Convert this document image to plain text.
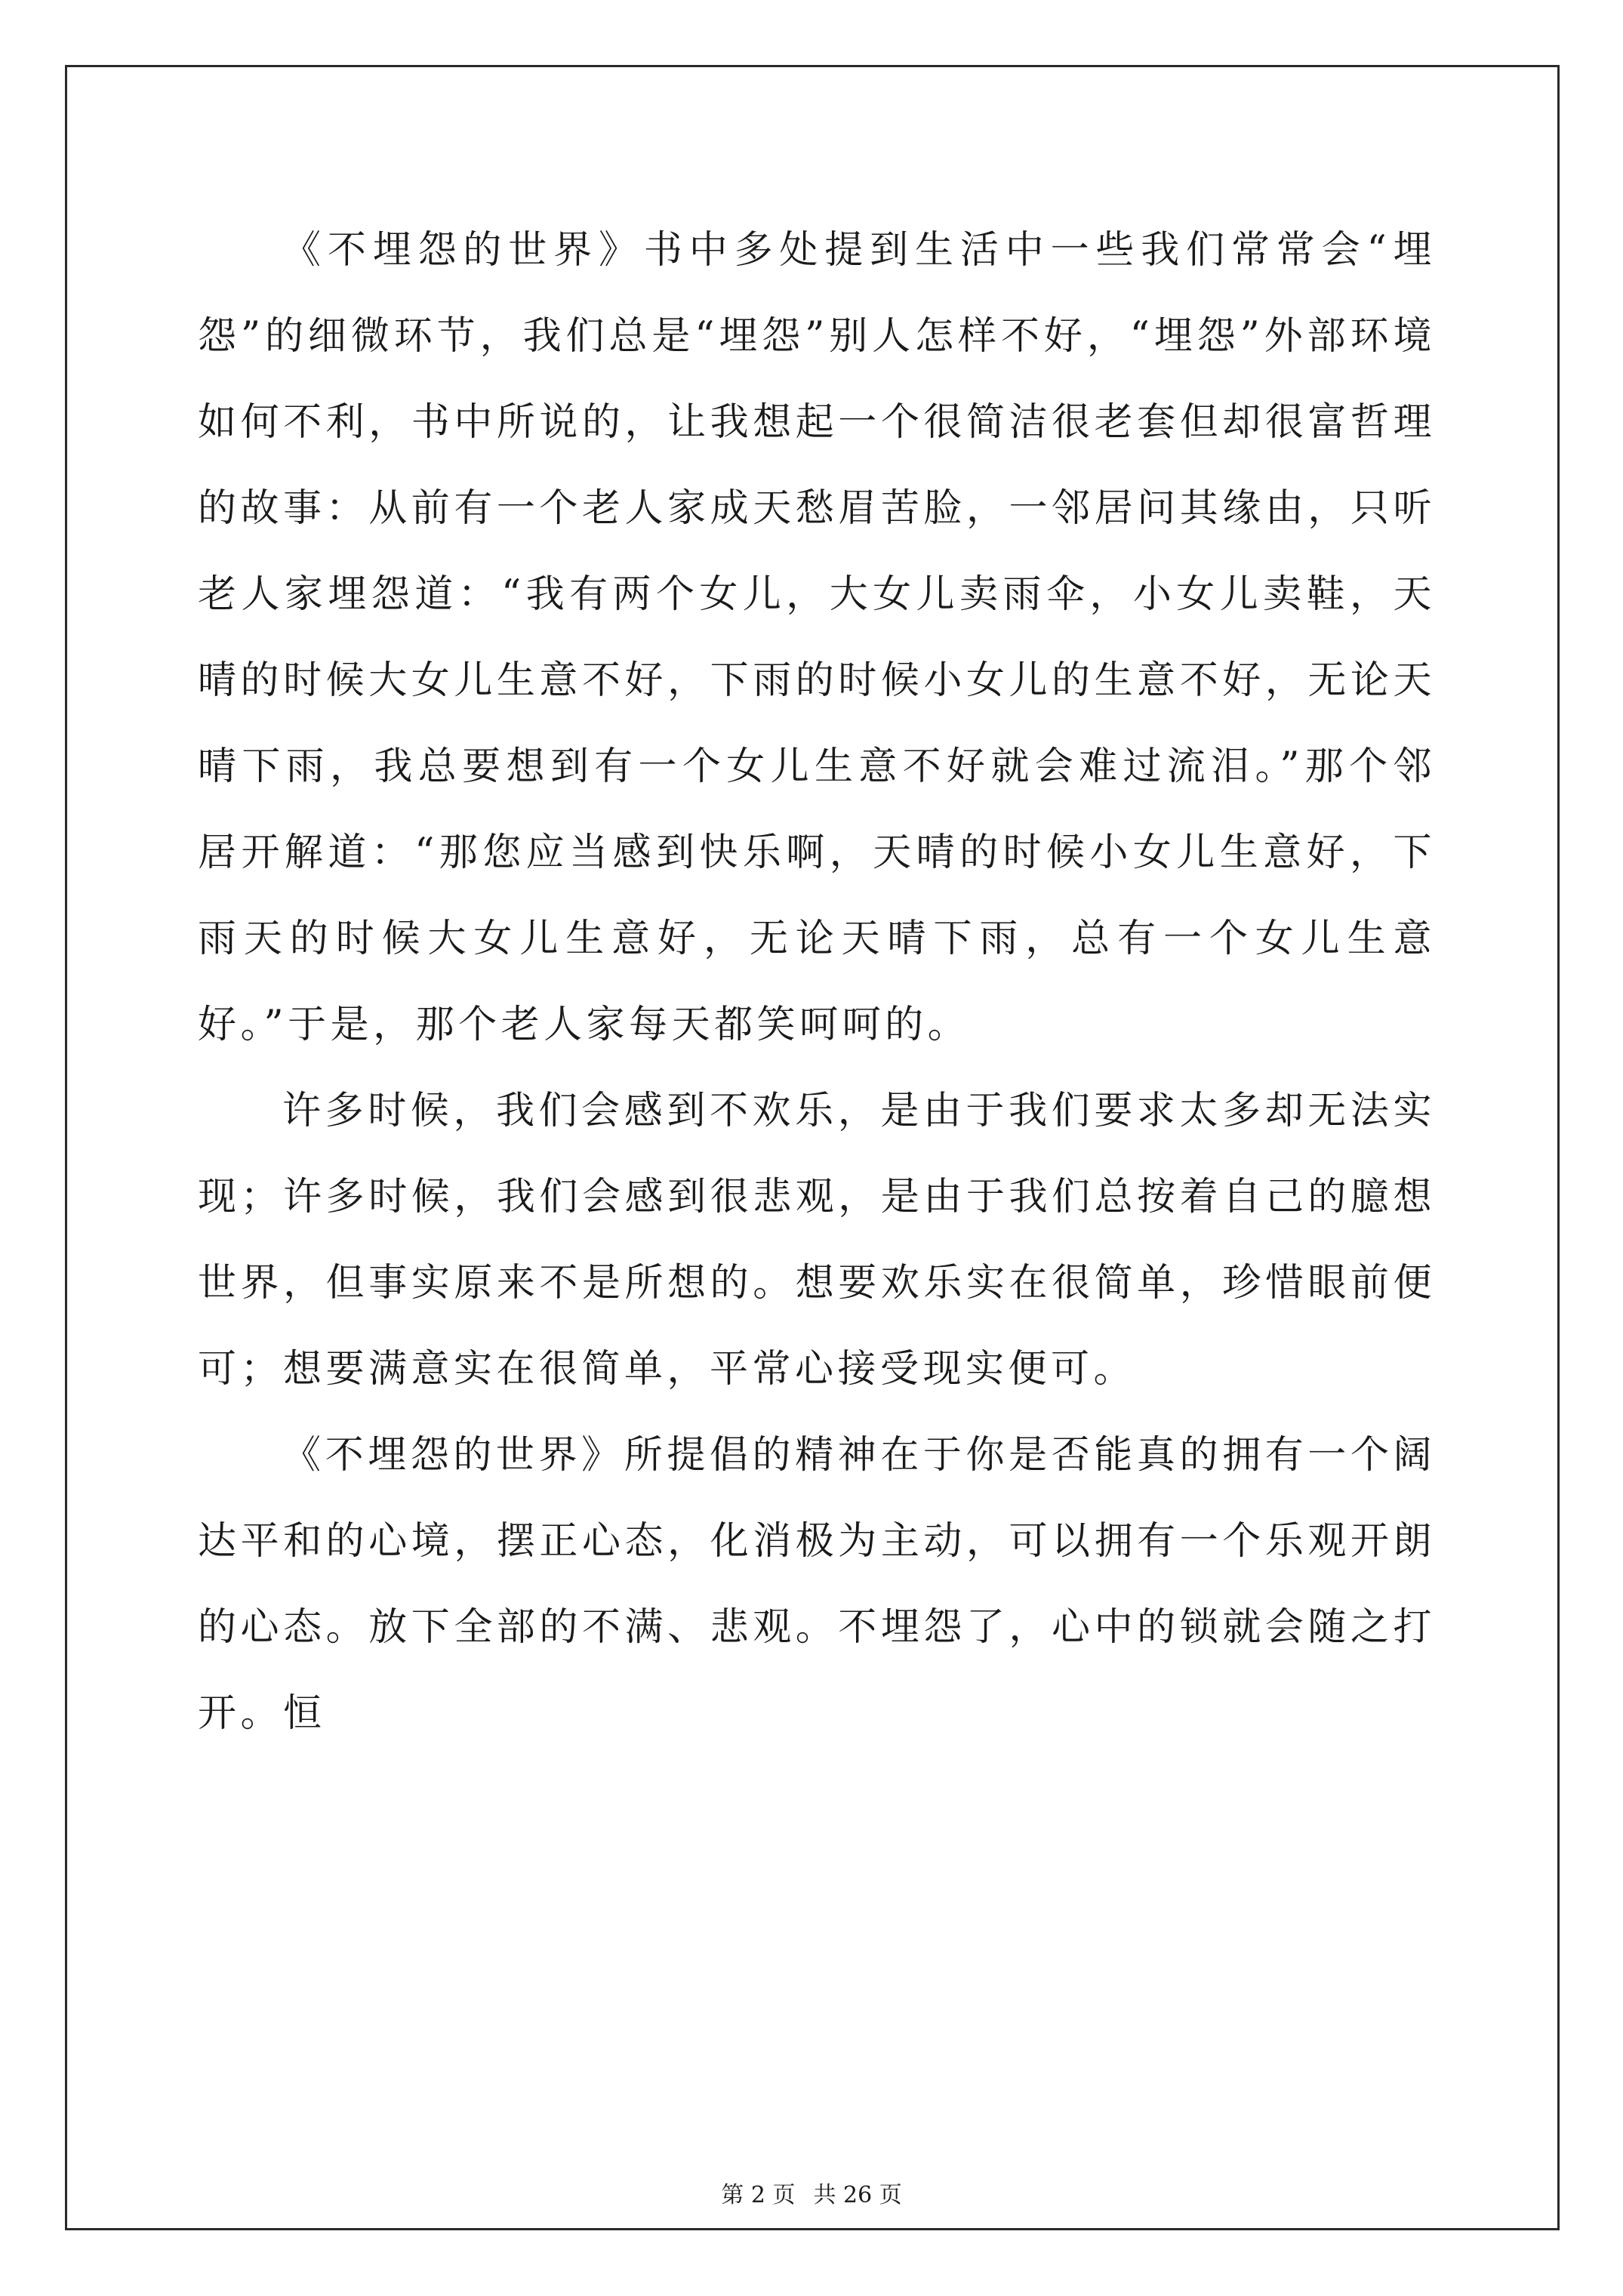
《不埋怨的世界》书中多处提到生活中一些我们常常会“埋怨”的细微环节，我们总是“埋怨”别人怎样不好，“埋怨”外部环境如何不利，书中所说的，让我想起一个很简洁很老套但却很富哲理的故事：从前有一个老人家成天愁眉苦脸，一邻居问其缘由，只听老人家埋怨道：“我有两个女儿，大女儿卖雨伞，小女儿卖鞋，天晴的时候大女儿生意不好，下雨的时候小女儿的生意不好，无论天晴下雨，我总要想到有一个女儿生意不好就会难过流泪。”那个邻居开解道：“那您应当感到快乐啊，天晴的时候小女儿生意好，下雨天的时候大女儿生意好，无论天晴下雨，总有一个女儿生意好。”于是，那个老人家每天都笑呵呵的。

许多时候，我们会感到不欢乐，是由于我们要求太多却无法实现；许多时候，我们会感到很悲观，是由于我们总按着自己的臆想世界，但事实原来不是所想的。想要欢乐实在很简单，珍惜眼前便可；想要满意实在很简单，平常心接受现实便可。

《不埋怨的世界》所提倡的精神在于你是否能真的拥有一个阔达平和的心境，摆正心态，化消极为主动，可以拥有一个乐观开朗的心态。放下全部的不满、悲观。不埋怨了，心中的锁就会随之打开。恒

第 2 页 共 26 页
